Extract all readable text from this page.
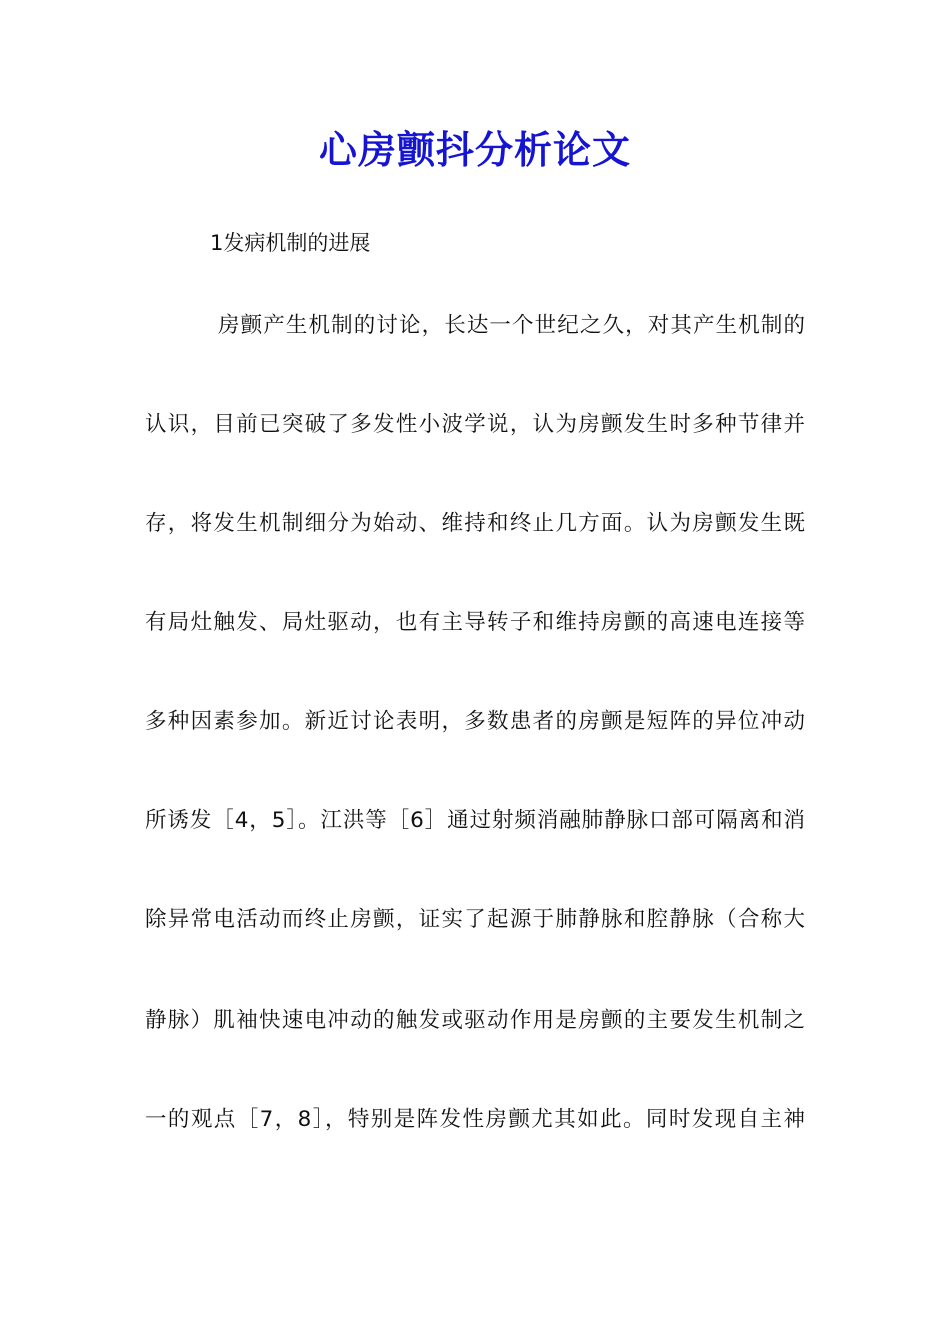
心房颤抖分析论文
1发病机制的进展
房颤产生机制的讨论，长达一个世纪之久，对其产生机制的
认识，目前已突破了多发性小波学说，认为房颤发生时多种节律并
存，将发生机制细分为始动、维持和终止几方面。认为房颤发生既
有局灶触发、局灶驱动，也有主导转子和维持房颤的高速电连接等
多种因素参加。新近讨论表明，多数患者的房颤是短阵的异位冲动
所诱发［4，5］。江洪等［6］通过射频消融肺静脉口部可隔离和消
除异常电活动而终止房颤，证实了起源于肺静脉和腔静脉（合称大
静脉）肌袖快速电冲动的触发或驱动作用是房颤的主要发生机制之
一的观点［7，8］，特别是阵发性房颤尤其如此。同时发现自主神
